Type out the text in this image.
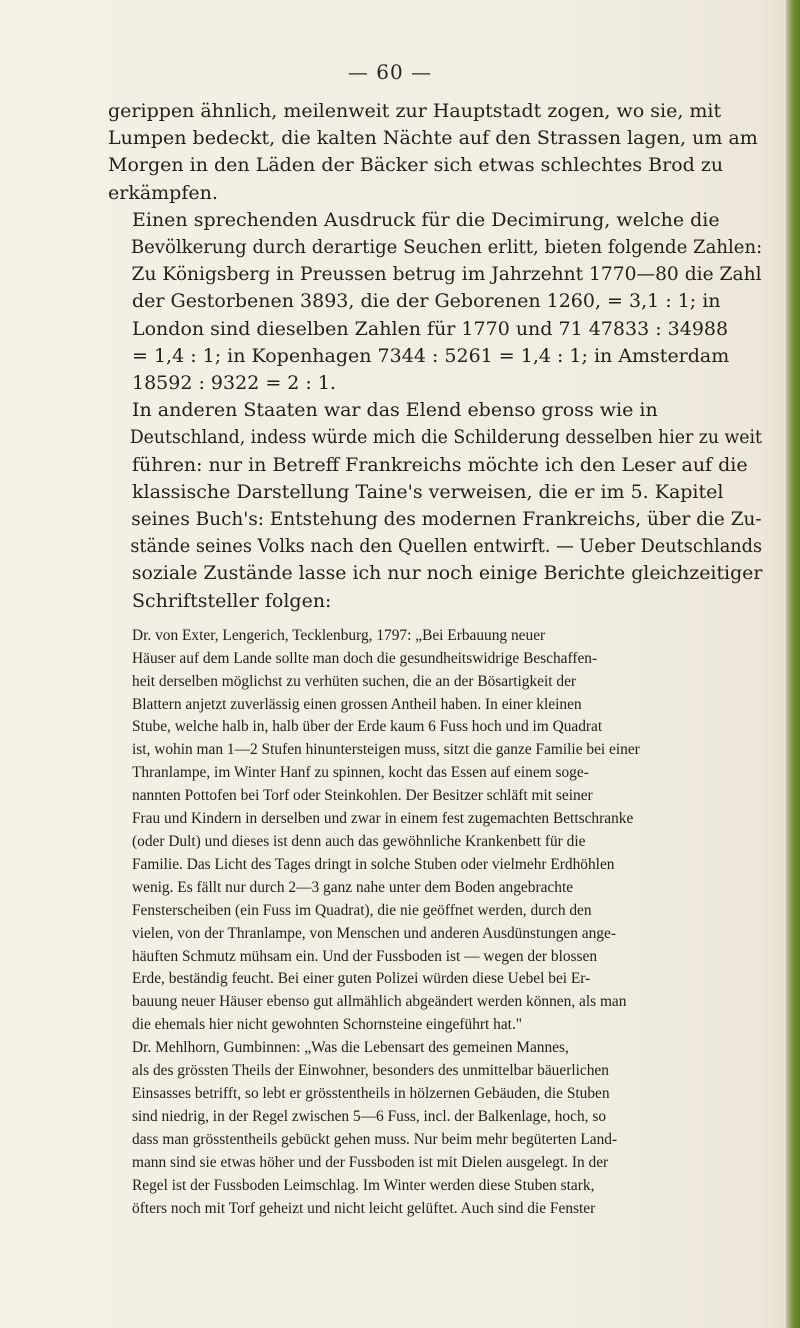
— 60 —

gerippen ähnlich, meilenweit zur Hauptstadt zogen, wo sie, mit
Lumpen bedeckt, die kalten Nächte auf den Strassen lagen, um am
Morgen in den Läden der Bäcker sich etwas schlechtes Brod zu
erkämpfen.

Einen sprechenden Ausdruck für die Decimirung, welche die
Bevölkerung durch derartige Seuchen erlitt, bieten folgende Zahlen:
Zu Königsberg in Preussen betrug im Jahrzehnt 1770—80 die Zahl
der Gestorbenen 3893, die der Geborenen 1260, = 3,1 : 1; in
London sind dieselben Zahlen für 1770 und 71 47833 : 34988
= 1,4 : 1; in Kopenhagen 7344 : 5261 = 1,4 : 1; in Amsterdam
18592 : 9322 = 2 : 1.

In anderen Staaten war das Elend ebenso gross wie in
Deutschland, indess würde mich die Schilderung desselben hier zu weit
führen: nur in Betreff Frankreichs möchte ich den Leser auf die
klassische Darstellung Taine's verweisen, die er im 5. Kapitel
seines Buch's: Entstehung des modernen Frankreichs, über die Zu-
stände seines Volks nach den Quellen entwirft. — Ueber Deutschlands
soziale Zustände lasse ich nur noch einige Berichte gleichzeitiger
Schriftsteller folgen:

Dr. von Exter, Lengerich, Tecklenburg, 1797: „Bei Erbauung neuer
Häuser auf dem Lande sollte man doch die gesundheitswidrige Beschaffen-
heit derselben möglichst zu verhüten suchen, die an der Bösartigkeit der
Blattern anjetzt zuverlässig einen grossen Antheil haben. In einer kleinen
Stube, welche halb in, halb über der Erde kaum 6 Fuss hoch und im Quadrat
ist, wohin man 1—2 Stufen hinuntersteigen muss, sitzt die ganze Familie bei einer
Thranlampe, im Winter Hanf zu spinnen, kocht das Essen auf einem soge-
nannten Pottofen bei Torf oder Steinkohlen. Der Besitzer schläft mit seiner
Frau und Kindern in derselben und zwar in einem fest zugemachten Bettschranke
(oder Dult) und dieses ist denn auch das gewöhnliche Krankenbett für die
Familie. Das Licht des Tages dringt in solche Stuben oder vielmehr Erdhöhlen
wenig. Es fällt nur durch 2—3 ganz nahe unter dem Boden angebrachte
Fensterscheiben (ein Fuss im Quadrat), die nie geöffnet werden, durch den
vielen, von der Thranlampe, von Menschen und anderen Ausdünstungen ange-
häuften Schmutz mühsam ein. Und der Fussboden ist — wegen der blossen
Erde, beständig feucht. Bei einer guten Polizei würden diese Uebel bei Er-
bauung neuer Häuser ebenso gut allmählich abgeändert werden können, als man
die ehemals hier nicht gewohnten Schornsteine eingeführt hat."

Dr. Mehlhorn, Gumbinnen: „Was die Lebensart des gemeinen Mannes,
als des grössten Theils der Einwohner, besonders des unmittelbar bäuerlichen
Einsasses betrifft, so lebt er grösstentheils in hölzernen Gebäuden, die Stuben
sind niedrig, in der Regel zwischen 5—6 Fuss, incl. der Balkenlage, hoch, so
dass man grösstentheils gebückt gehen muss. Nur beim mehr begüterten Land-
mann sind sie etwas höher und der Fussboden ist mit Dielen ausgelegt. In der
Regel ist der Fussboden Leimschlag. Im Winter werden diese Stuben stark,
öfters noch mit Torf geheizt und nicht leicht gelüftet. Auch sind die Fenster
